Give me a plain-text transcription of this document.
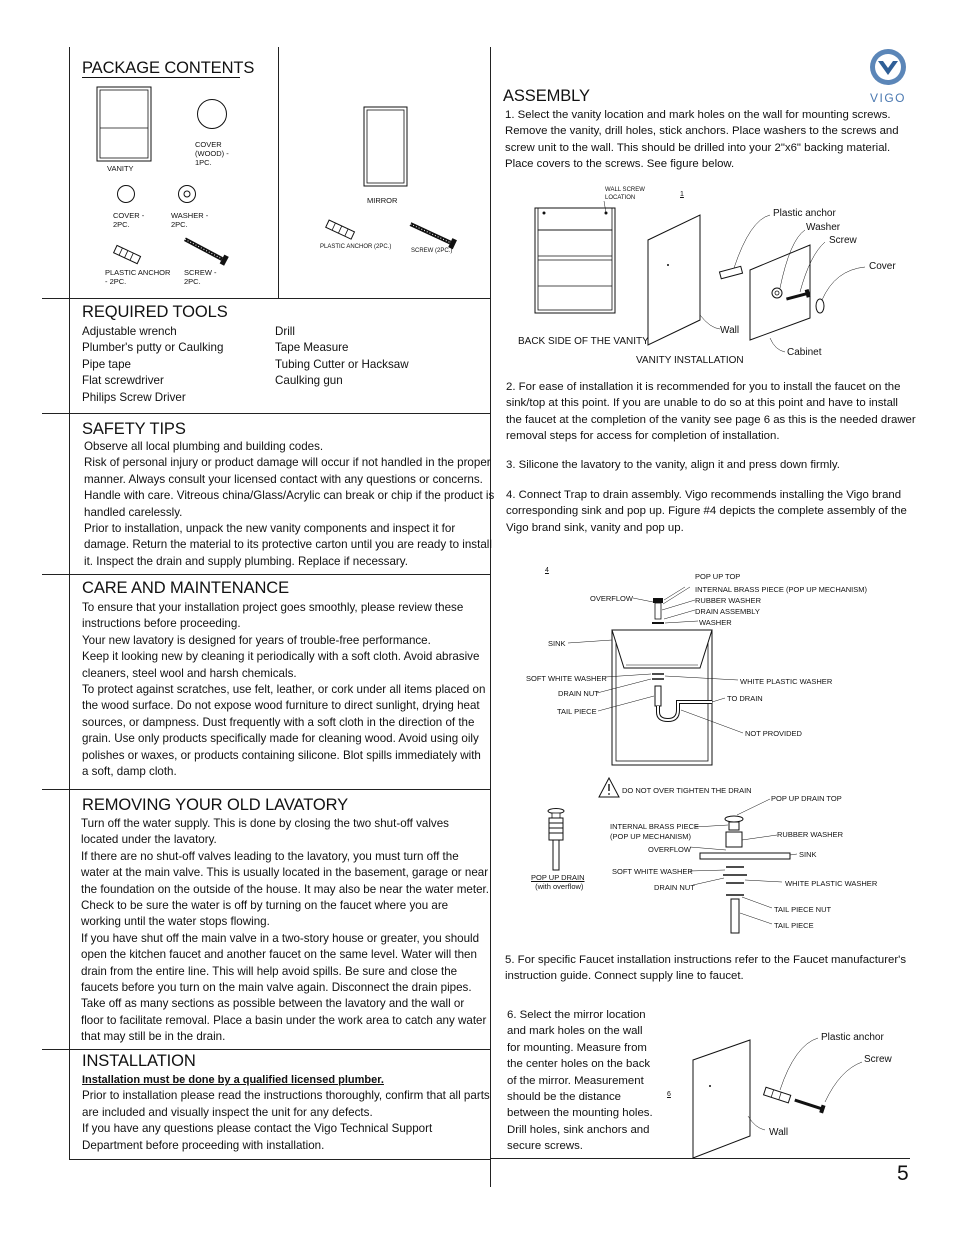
PACKAGE CONTENTS
VANITY
COVER
(WOOD) -
1PC.
COVER -
2PC.
WASHER -
2PC.
PLASTIC ANCHOR
- 2PC.
SCREW -
2PC.
MIRROR
PLASTIC ANCHOR (2PC.)
SCREW (2PC.)
REQUIRED TOOLS

Adjustable wrench

Plumber's putty or Caulking

Pipe tape

Flat screwdriver

Philips Screw Driver

Drill

Tape Measure

Tubing Cutter or Hacksaw

Caulking gun

SAFETY TIPS

Observe all local plumbing and building codes.

Risk of personal injury or product damage will occur if not handled in the proper

manner. Always consult your licensed contact with any questions or concerns.

Handle with care. Vitreous china/Glass/Acrylic can break or chip if the product is

handled carelessly.

Prior to installation, unpack the new vanity components and inspect it for

damage. Return the material to its protective carton until you are ready to install

it. Inspect the drain and supply plumbing. Replace if necessary.

CARE AND MAINTENANCE

To ensure that your installation project goes smoothly, please review these

instructions before proceeding.

Your new lavatory is designed for years of trouble-free performance.

Keep it looking new by cleaning it periodically with a soft cloth. Avoid abrasive

cleaners, steel wool and harsh chemicals.

To protect against scratches, use felt, leather, or cork under all items placed on

the wood surface. Do not expose wood furniture to direct sunlight, drying heat

sources, or dampness. Dust frequently with a soft cloth in the direction of the

grain. Use only products specifically made for cleaning wood. Avoid using oily

polishes or waxes, or products containing silicone. Blot spills immediately with

a soft, damp cloth.

REMOVING YOUR OLD LAVATORY

Turn off the water supply. This is done by closing the two shut-off valves

located under the lavatory.

If there are no shut-off valves leading to the lavatory, you must turn off the

water at the main valve. This is usually located in the basement, garage or near

the foundation on the outside of the house. It may also be near the water meter.

Check to be sure the water is off by turning on the faucet where you are

working until the water stops flowing.

If you have shut off the main valve in a two-story house or greater, you should

open the kitchen faucet and another faucet on the same level. Water will then

drain from the entire line. This will help avoid spills. Be sure and close the

faucets before you turn on the main valve again. Disconnect the drain pipes.

Take off as many sections as possible between the lavatory and the wall or

floor to facilitate removal. Place a basin under the work area to catch any water

that may still be in the drain.

INSTALLATION

Installation must be done by a qualified licensed plumber.

Prior to installation please read the instructions thoroughly, confirm that all parts

are included and visually inspect the unit for any defects.

If you have any questions please contact the Vigo Technical Support

Department before proceeding with installation.

VIGO
ASSEMBLY

1. Select the vanity location and mark holes on the wall for mounting screws.

Remove the vanity, drill holes, stick anchors. Place washers to the screws and

screw unit to the wall. This should be drilled into your 2"x6" backing material.

Place covers to the screws. See figure below.

WALL SCREW
LOCATION	1
Plastic anchor
Washer
Screw
Cover
Wall
Cabinet
BACK SIDE OF THE VANITY
VANITY INSTALLATION

2. For ease of installation it is recommended for you to install the faucet on the

sink/top at this point. If you are unable to do so at this point and have to install

the faucet at the completion of the vanity see page 6 as this is the needed drawer

removal steps for access for completion of installation.

3. Silicone the lavatory to the vanity, align it and press down firmly.

4. Connect Trap to drain assembly. Vigo recommends installing the Vigo brand

corresponding sink and pop up. Figure #4 depicts the complete assembly of the

Vigo brand sink, vanity and pop up.

4
POP UP TOP
INTERNAL BRASS PIECE (POP UP MECHANISM)
RUBBER WASHER
DRAIN ASSEMBLY
WASHER
OVERFLOW
SINK
SOFT WHITE WASHER
DRAIN NUT
TAIL PIECE
WHITE PLASTIC WASHER
TO DRAIN
NOT PROVIDED
DO NOT OVER TIGHTEN THE DRAIN
POP UP DRAIN
(with overflow)
POP UP DRAIN TOP
INTERNAL BRASS PIECE
(POP UP MECHANISM)	RUBBER WASHER
OVERFLOW
SINK
SOFT WHITE WASHER
DRAIN NUT	WHITE PLASTIC WASHER
TAIL PIECE NUT
TAIL PIECE

5. For specific Faucet installation instructions refer to the Faucet manufacturer's

instruction guide. Connect supply line to faucet.

6. Select the mirror location

and mark holes on the wall

for mounting. Measure from

the center holes on the back

of the mirror. Measurement

should be the distance

between the mounting holes.

Drill holes, sink anchors and

secure screws.

6
Plastic anchor
Screw
Wall
5
